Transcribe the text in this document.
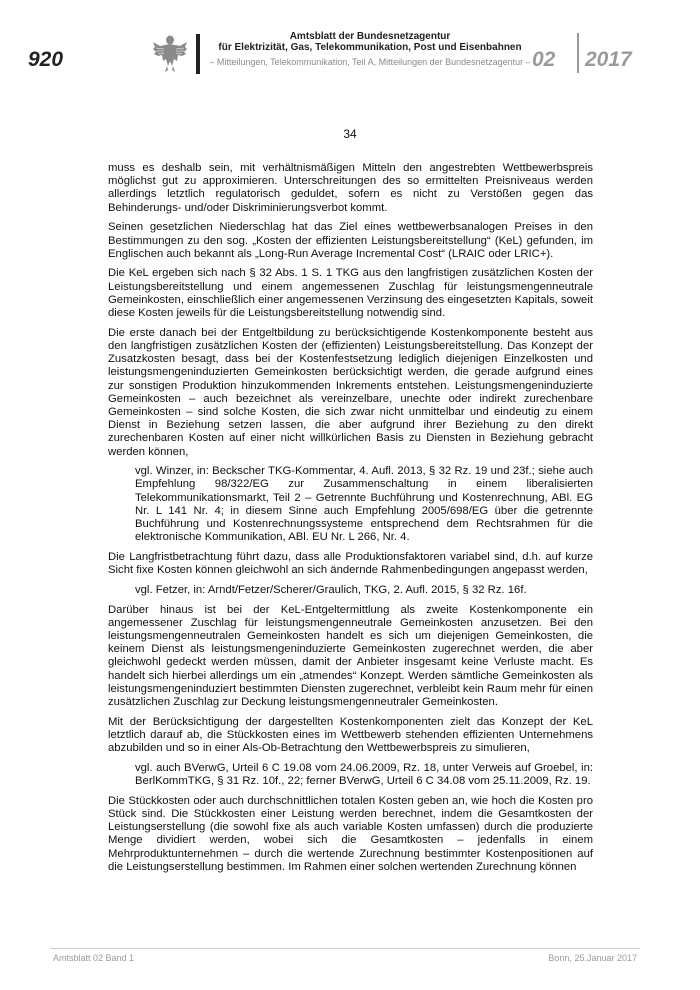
920
Amtsblatt der Bundesnetzagentur
für Elektrizität, Gas, Telekommunikation, Post und Eisenbahnen
– Mitteilungen, Telekommunikation, Teil A, Mitteilungen der Bundesnetzagentur – 02 2017
34

muss es deshalb sein, mit verhältnismäßigen Mitteln den angestrebten Wettbewerbspreis möglichst gut zu approximieren. Unterschreitungen des so ermittelten Preisniveaus werden allerdings letztlich regulatorisch geduldet, sofern es nicht zu Verstößen gegen das Behinderungs- und/oder Diskriminierungsverbot kommt.

Seinen gesetzlichen Niederschlag hat das Ziel eines wettbewerbsanalogen Preises in den Bestimmungen zu den sog. „Kosten der effizienten Leistungsbereitstellung“ (KeL) gefunden, im Englischen auch bekannt als „Long-Run Average Incremental Cost“ (LRAIC oder LRIC+).

Die KeL ergeben sich nach § 32 Abs. 1 S. 1 TKG aus den langfristigen zusätzlichen Kosten der Leistungsbereitstellung und einem angemessenen Zuschlag für leistungsmengenneutrale Gemeinkosten, einschließlich einer angemessenen Verzinsung des eingesetzten Kapitals, soweit diese Kosten jeweils für die Leistungsbereitstellung notwendig sind.

Die erste danach bei der Entgeltbildung zu berücksichtigende Kostenkomponente besteht aus den langfristigen zusätzlichen Kosten der (effizienten) Leistungsbereitstellung. Das Konzept der Zusatzkosten besagt, dass bei der Kostenfestsetzung lediglich diejenigen Einzelkosten und leistungsmengeninduzierten Gemeinkosten berücksichtigt werden, die gerade aufgrund eines zur sonstigen Produktion hinzukommenden Inkrements entstehen. Leistungsmengeninduzierte Gemeinkosten – auch bezeichnet als vereinzelbare, unechte oder indirekt zurechenbare Gemeinkosten – sind solche Kosten, die sich zwar nicht unmittelbar und eindeutig zu einem Dienst in Beziehung setzen lassen, die aber aufgrund ihrer Beziehung zu den direkt zurechenbaren Kosten auf einer nicht willkürlichen Basis zu Diensten in Beziehung gebracht werden können,

vgl. Winzer, in: Beckscher TKG-Kommentar, 4. Aufl. 2013, § 32 Rz. 19 und 23f.; siehe auch Empfehlung 98/322/EG zur Zusammenschaltung in einem liberalisierten Telekommunikationsmarkt, Teil 2 – Getrennte Buchführung und Kostenrechnung, ABl. EG Nr. L 141 Nr. 4; in diesem Sinne auch Empfehlung 2005/698/EG über die getrennte Buchführung und Kostenrechnungssysteme entsprechend dem Rechtsrahmen für die elektronische Kommunikation, ABl. EU Nr. L 266, Nr. 4.

Die Langfristbetrachtung führt dazu, dass alle Produktionsfaktoren variabel sind, d.h. auf kurze Sicht fixe Kosten können gleichwohl an sich ändernde Rahmenbedingungen angepasst werden,

vgl. Fetzer, in: Arndt/Fetzer/Scherer/Graulich, TKG, 2. Aufl. 2015, § 32 Rz. 16f.

Darüber hinaus ist bei der KeL-Entgeltermittlung als zweite Kostenkomponente ein angemessener Zuschlag für leistungsmengenneutrale Gemeinkosten anzusetzen. Bei den leistungsmengenneutralen Gemeinkosten handelt es sich um diejenigen Gemeinkosten, die keinem Dienst als leistungsmengeninduzierte Gemeinkosten zugerechnet werden, die aber gleichwohl gedeckt werden müssen, damit der Anbieter insgesamt keine Verluste macht. Es handelt sich hierbei allerdings um ein „atmendes“ Konzept. Werden sämtliche Gemeinkosten als leistungsmengeninduziert bestimmten Diensten zugerechnet, verbleibt kein Raum mehr für einen zusätzlichen Zuschlag zur Deckung leistungsmengenneutraler Gemeinkosten.

Mit der Berücksichtigung der dargestellten Kostenkomponenten zielt das Konzept der KeL letztlich darauf ab, die Stückkosten eines im Wettbewerb stehenden effizienten Unternehmens abzubilden und so in einer Als-Ob-Betrachtung den Wettbewerbspreis zu simulieren,

vgl. auch BVerwG, Urteil 6 C 19.08 vom 24.06.2009, Rz. 18, unter Verweis auf Groebel, in: BerlKommTKG, § 31 Rz. 10f., 22; ferner BVerwG, Urteil 6 C 34.08 vom 25.11.2009, Rz. 19.

Die Stückkosten oder auch durchschnittlichen totalen Kosten geben an, wie hoch die Kosten pro Stück sind. Die Stückkosten einer Leistung werden berechnet, indem die Gesamtkosten der Leistungserstellung (die sowohl fixe als auch variable Kosten umfassen) durch die produzierte Menge dividiert werden, wobei sich die Gesamtkosten – jedenfalls in einem Mehrproduktunternehmen – durch die wertende Zurechnung bestimmter Kostenpositionen auf die Leistungserstellung bestimmen. Im Rahmen einer solchen wertenden Zurechnung können

Amtsblatt 02 Band 1	Bonn, 25.Januar 2017
